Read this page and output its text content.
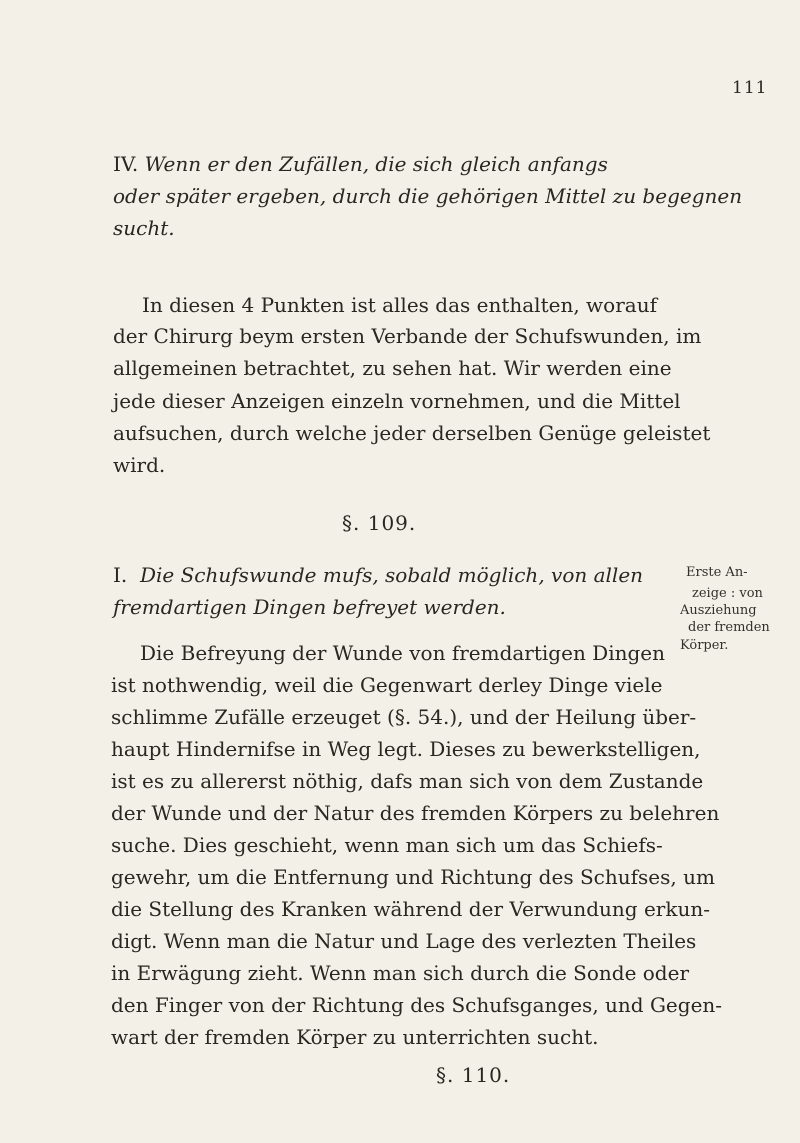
111
IV. Wenn er den Zufällen, die sich gleich anfangs
oder später ergeben, durch die gehörigen Mittel zu begegnen
sucht.
In diesen 4 Punkten ist alles das enthalten, worauf
der Chirurg beym ersten Verbande der Schufswunden, im
allgemeinen betrachtet, zu sehen hat. Wir werden eine
jede dieser Anzeigen einzeln vornehmen, und die Mittel
aufsuchen, durch welche jeder derselben Genüge geleistet
wird.
§. 109.
I. Die Schufswunde mufs, sobald möglich, von allen
fremdartigen Dingen befreyet werden.
Erste An-
zeige : von
Ausziehung
der fremden
Körper.
Die Befreyung der Wunde von fremdartigen Dingen
ist nothwendig, weil die Gegenwart derley Dinge viele
schlimme Zufälle erzeuget (§. 54.), und der Heilung über-
haupt Hindernifse in Weg legt. Dieses zu bewerkstelligen,
ist es zu allererst nöthig, dafs man sich von dem Zustande
der Wunde und der Natur des fremden Körpers zu belehren
suche. Dies geschieht, wenn man sich um das Schiefs-
gewehr, um die Entfernung und Richtung des Schufses, um
die Stellung des Kranken während der Verwundung erkun-
digt. Wenn man die Natur und Lage des verlezten Theiles
in Erwägung zieht. Wenn man sich durch die Sonde oder
den Finger von der Richtung des Schufsganges, und Gegen-
wart der fremden Körper zu unterrichten sucht.
§. 110.
